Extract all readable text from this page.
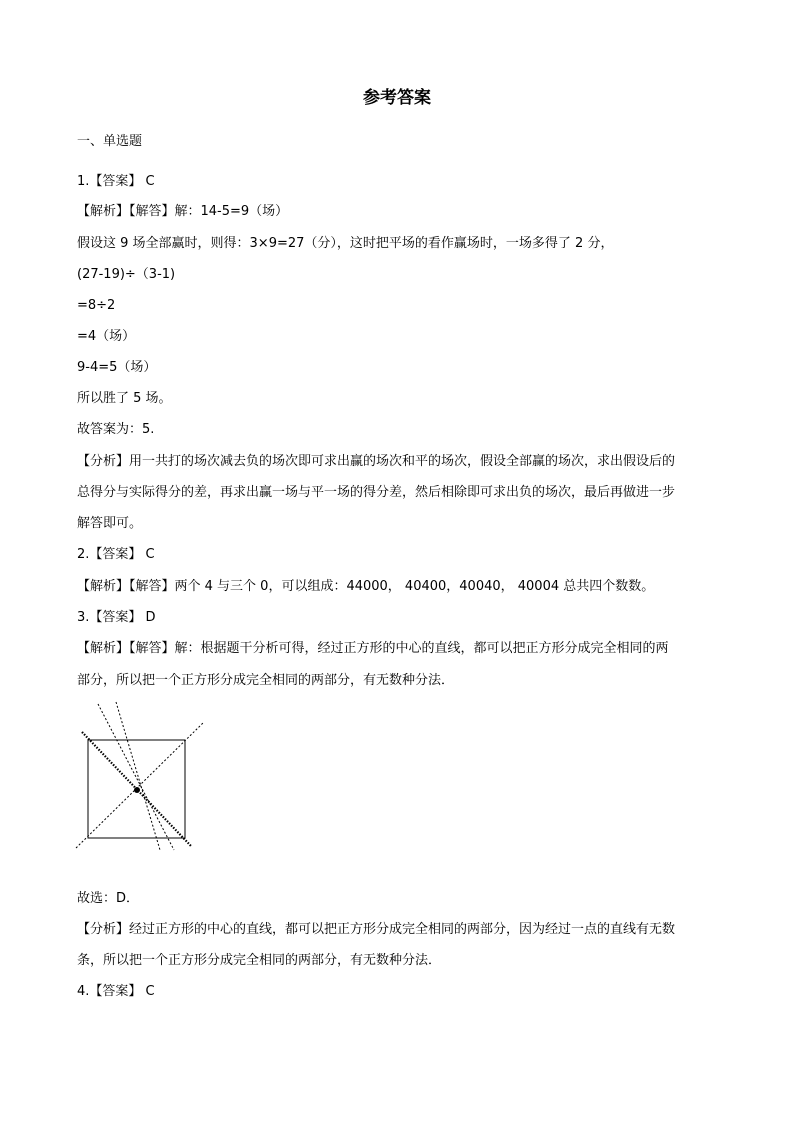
参考答案
一、单选题
1.【答案】 C
【解析】【解答】解：14-5=9（场）
假设这 9 场全部赢时，则得：3×9=27（分），这时把平场的看作赢场时，一场多得了 2 分，
(27-19)÷（3-1)
=8÷2
=4（场）
9-4=5（场）
所以胜了 5 场。
故答案为：5.
【分析】用一共打的场次减去负的场次即可求出赢的场次和平的场次，假设全部赢的场次，求出假设后的
总得分与实际得分的差，再求出赢一场与平一场的得分差，然后相除即可求出负的场次，最后再做进一步
解答即可。
2.【答案】 C
【解析】【解答】两个 4 与三个 0，可以组成：44000， 40400，40040， 40004 总共四个数数。
3.【答案】 D
【解析】【解答】解：根据题干分析可得，经过正方形的中心的直线，都可以把正方形分成完全相同的两
部分，所以把一个正方形分成完全相同的两部分，有无数种分法．
故选：D．
【分析】经过正方形的中心的直线，都可以把正方形分成完全相同的两部分，因为经过一点的直线有无数
条，所以把一个正方形分成完全相同的两部分，有无数种分法．
4.【答案】 C
